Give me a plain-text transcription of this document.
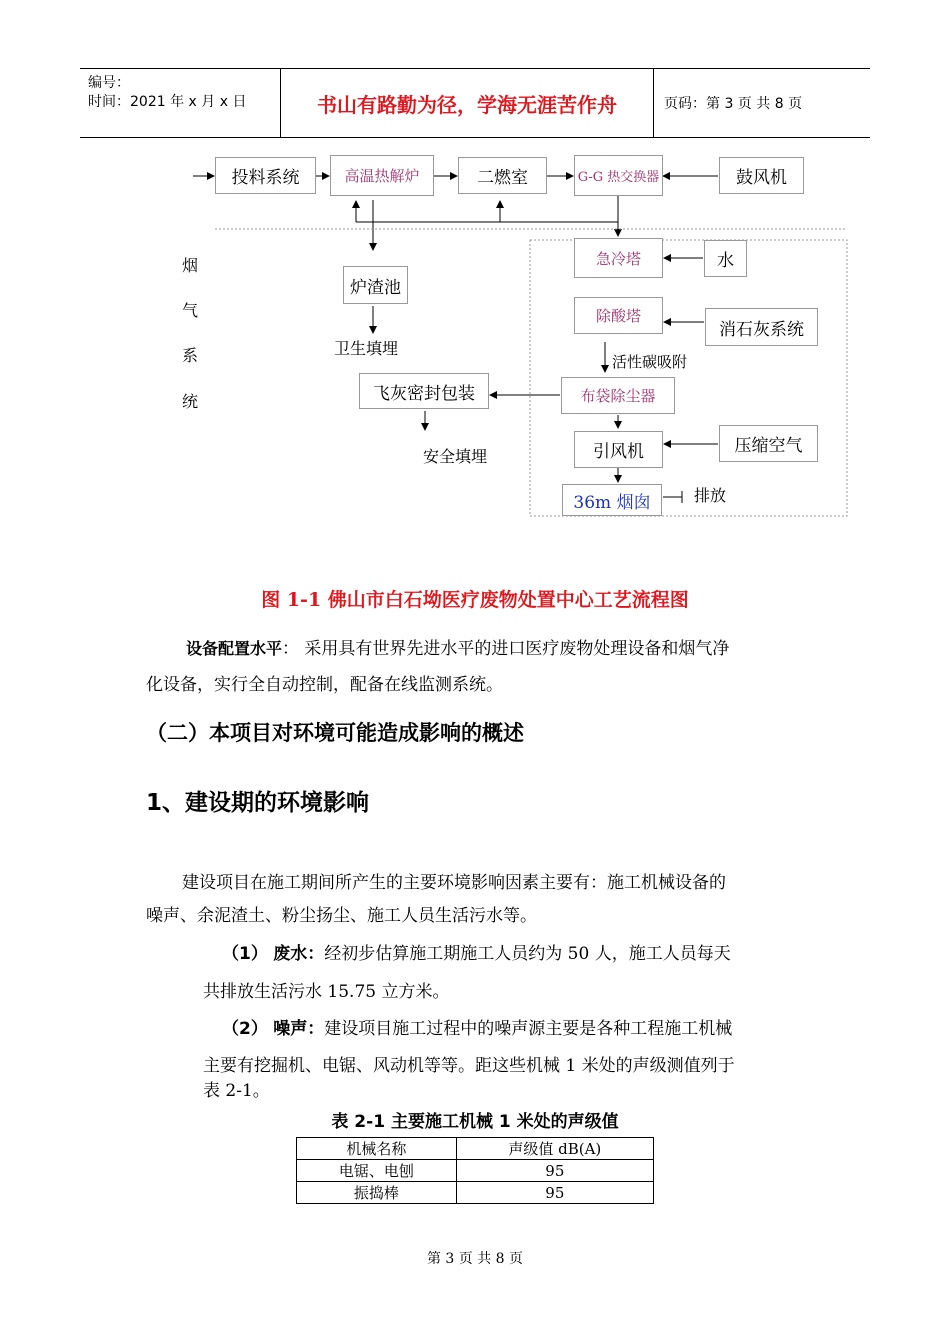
编号：
时间：2021 年 x 月 x 日	书山有路勤为径，学海无涯苦作舟	页码：第 3 页 共 8 页
投料系统	高温热解炉	二燃室	G-G 热交换器	鼓风机
炉渣池
卫生填埋
急冷塔	水
除酸塔
消石灰系统
活性碳吸附
布袋除尘器
飞灰密封包装
安全填埋	引风机	压缩空气
36m 烟囱	排放
烟
气
系
统
图 1-1 佛山市白石坳医疗废物处置中心工艺流程图
设备配置水平： 采用具有世界先进水平的进口医疗废物处理设备和烟气净
化设备，实行全自动控制，配备在线监测系统。
（二）本项目对环境可能造成影响的概述
1、建设期的环境影响
建设项目在施工期间所产生的主要环境影响因素主要有：施工机械设备的
噪声、余泥渣土、粉尘扬尘、施工人员生活污水等。
（1） 废水：经初步估算施工期施工人员约为 50 人，施工人员每天
共排放生活污水 15.75 立方米。
（2） 噪声：建设项目施工过程中的噪声源主要是各种工程施工机械
主要有挖掘机、电锯、风动机等等。距这些机械 1 米处的声级测值列于
表 2-1。
表 2-1 主要施工机械 1 米处的声级值
机械名称	声级值 dB(A)
电锯、电刨	95
振捣棒	95
第 3 页 共 8 页
